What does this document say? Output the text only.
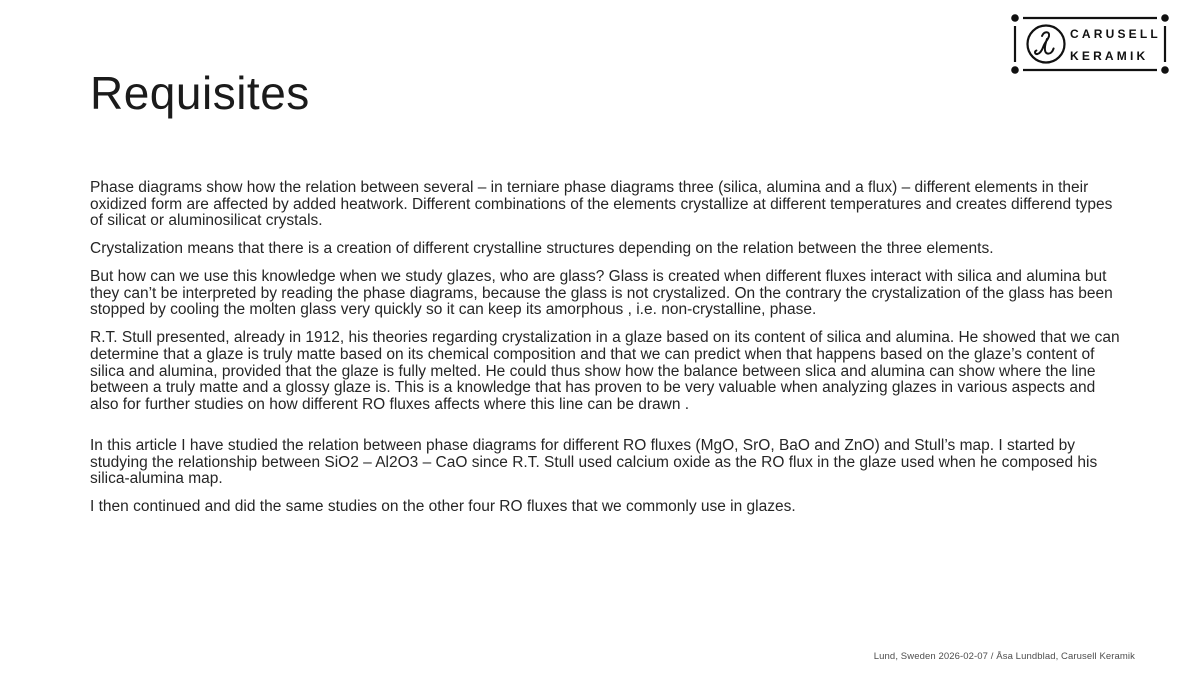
CARUSELL
KERAMIK
Requisites

Phase diagrams show how the relation between several – in terniare phase diagrams three (silica, alumina and a flux) – different elements in their oxidized form are affected by added heatwork. Different combinations of the elements crystallize at different temperatures and creates differend types of silicat or aluminosilicat crystals.

Crystalization means that there is a creation of different crystalline structures depending on the relation between the three elements.

But how can we use this knowledge when we study glazes, who are glass? Glass is created when different fluxes interact with silica and alumina but they can’t be interpreted by reading the phase diagrams, because the glass is not crystalized. On the contrary the crystalization of the glass has been stopped by cooling the molten glass very quickly so it can keep its amorphous , i.e. non-crystalline, phase.

R.T. Stull presented, already in 1912, his theories regarding crystalization in a glaze based on its content of silica and alumina. He showed that we can determine that a glaze is truly matte based on its chemical composition and that we can predict when that happens based on the glaze’s content of silica and alumina, provided that the glaze is fully melted. He could thus show how the balance between slica and alumina can show where the line between a truly matte and a glossy glaze is. This is a knowledge that has proven to be very valuable when analyzing glazes in various aspects and also for further studies on how different RO fluxes affects where this line can be drawn .

In this article I have studied the relation between phase diagrams for different RO fluxes (MgO, SrO, BaO and ZnO) and Stull’s map. I started by studying the relationship between SiO2 – Al2O3 – CaO since R.T. Stull used calcium oxide as the RO flux in the glaze used when he composed his silica-alumina map.

I then continued and did the same studies on the other four RO fluxes that we commonly use in glazes.

Lund, Sweden 2026-02-07 / Åsa Lundblad, Carusell Keramik
